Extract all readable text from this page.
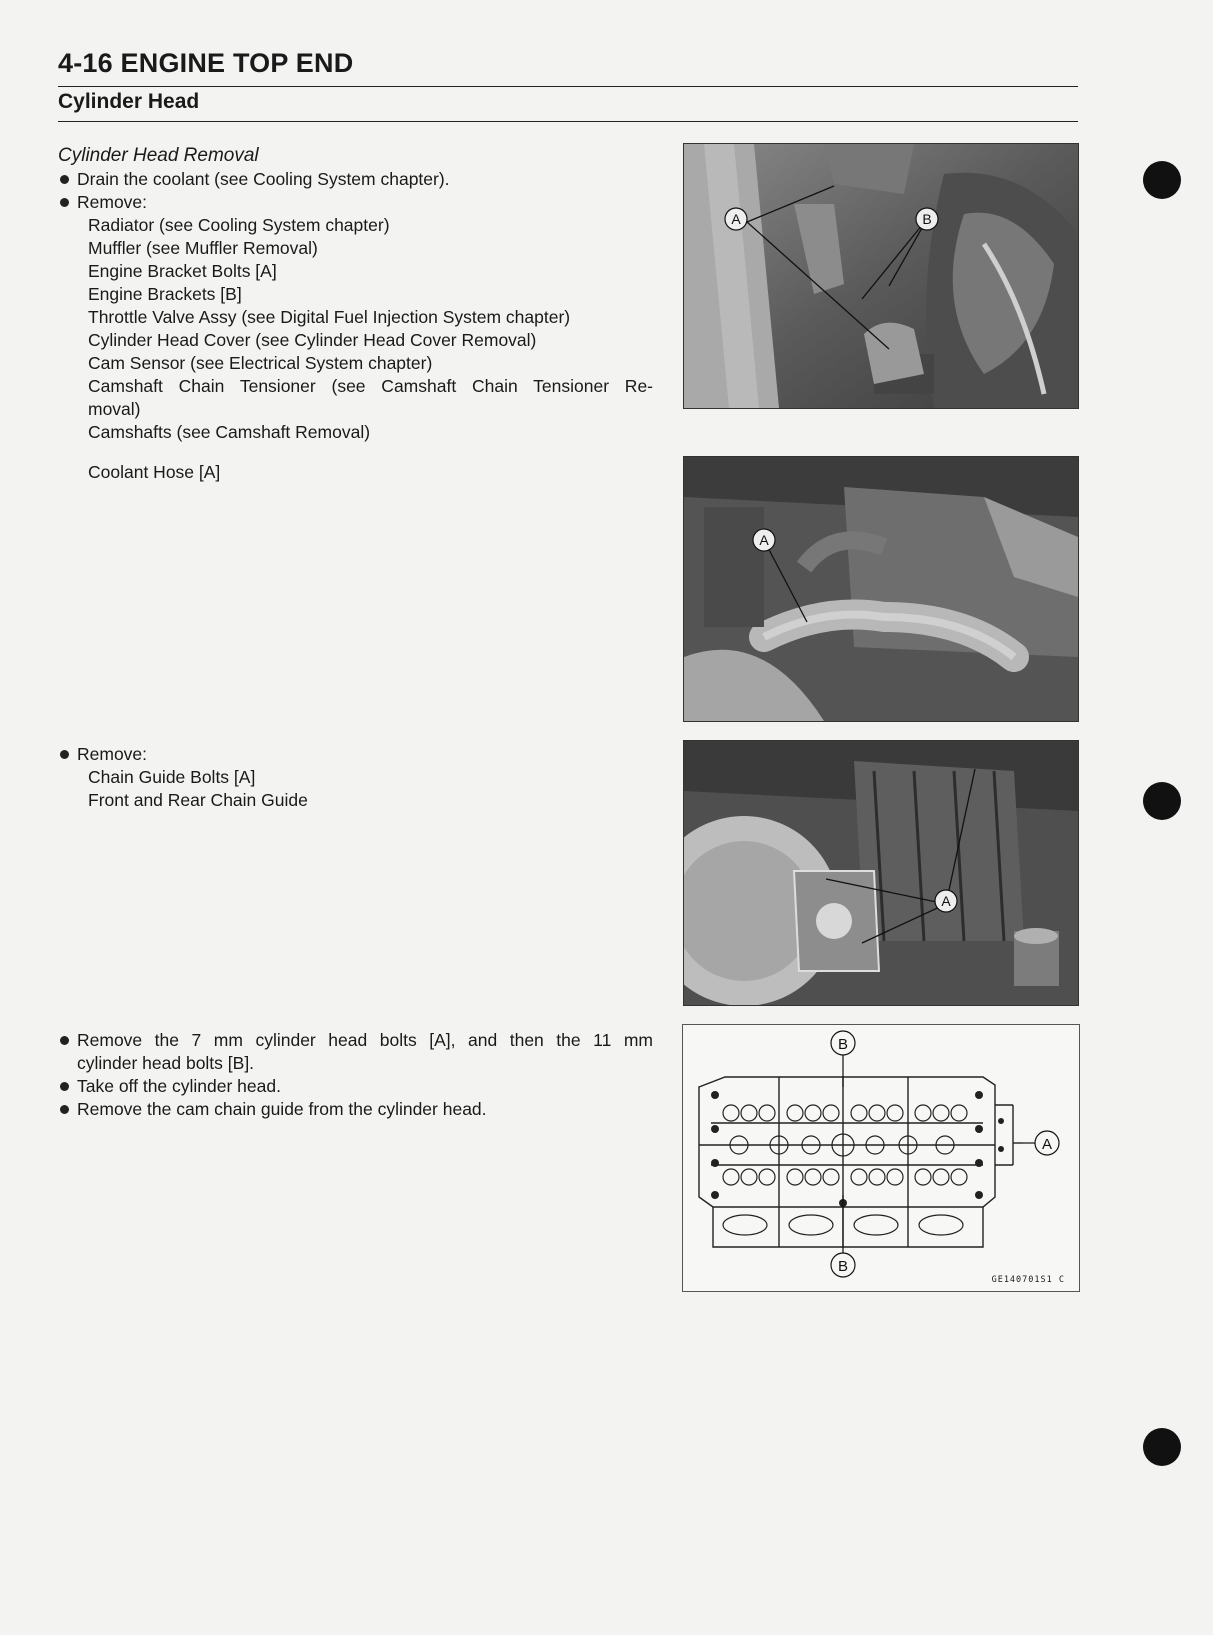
4-16 ENGINE TOP END
Cylinder Head
Cylinder Head Removal
Drain the coolant (see Cooling System chapter).
Remove:
Radiator (see Cooling System chapter)
Muffler (see Muffler Removal)
Engine Bracket Bolts [A]
Engine Brackets [B]
Throttle Valve Assy (see Digital Fuel Injection System chapter)
Cylinder Head Cover (see Cylinder Head Cover Removal)
Cam Sensor (see Electrical System chapter)
Camshaft Chain Tensioner (see Camshaft Chain Tensioner Re-
moval)
Camshafts (see Camshaft Removal)
Coolant Hose [A]
Remove:
Chain Guide Bolts [A]
Front and Rear Chain Guide
Remove the 7 mm cylinder head bolts [A], and then the 11 mm
cylinder head bolts [B].
Take off the cylinder head.
Remove the cam chain guide from the cylinder head.
A	B
A
A
B
B
A
GE140701S1 C
